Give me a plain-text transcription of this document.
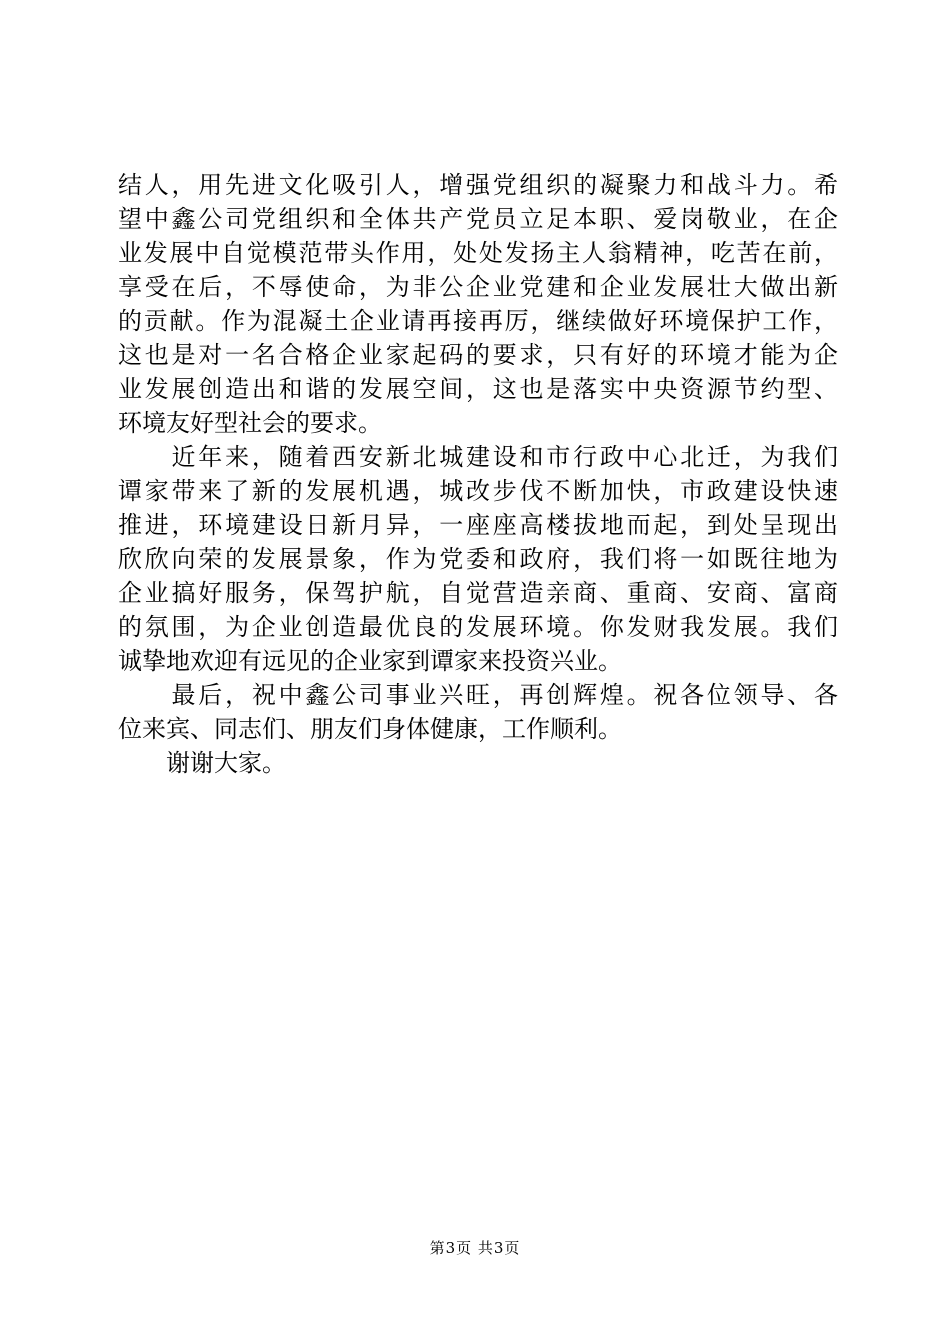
结人，用先进文化吸引人，增强党组织的凝聚力和战斗力。希
望中鑫公司党组织和全体共产党员立足本职、爱岗敬业，在企
业发展中自觉模范带头作用，处处发扬主人翁精神，吃苦在前，
享受在后，不辱使命，为非公企业党建和企业发展壮大做出新
的贡献。作为混凝土企业请再接再厉，继续做好环境保护工作，
这也是对一名合格企业家起码的要求，只有好的环境才能为企
业发展创造出和谐的发展空间，这也是落实中央资源节约型、
环境友好型社会的要求。
　　近年来，随着西安新北城建设和市行政中心北迁，为我们
谭家带来了新的发展机遇，城改步伐不断加快，市政建设快速
推进，环境建设日新月异，一座座高楼拔地而起，到处呈现出
欣欣向荣的发展景象，作为党委和政府，我们将一如既往地为
企业搞好服务，保驾护航，自觉营造亲商、重商、安商、富商
的氛围，为企业创造最优良的发展环境。你发财我发展。我们
诚挚地欢迎有远见的企业家到谭家来投资兴业。
　　最后，祝中鑫公司事业兴旺，再创辉煌。祝各位领导、各
位来宾、同志们、朋友们身体健康，工作顺利。
　　谢谢大家。
第3页 共3页
